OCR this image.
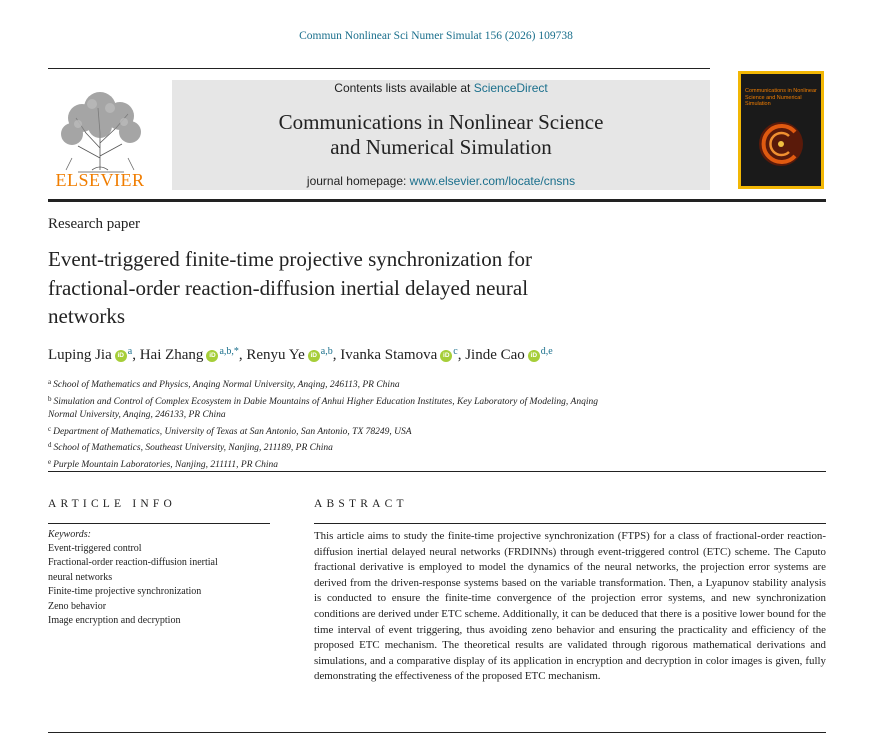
Commun Nonlinear Sci Numer Simulat 156 (2026) 109738
ELSEVIER
Contents lists available at ScienceDirect
Communications in Nonlinear Science
and Numerical Simulation
journal homepage: www.elsevier.com/locate/cnsns
Communications in Nonlinear Science and Numerical Simulation
Research paper
Event-triggered finite-time projective synchronization for
fractional-order reaction-diffusion inertial delayed neural
networks
Luping Jia iD $^a$, Hai Zhang iD $^{a,b,*}$, Renyu Ye iD $^{a,b}$, Ivanka Stamova iD $^c$, Jinde Cao iD $^{d,e}$
$^a$ School of Mathematics and Physics, Anqing Normal University, Anqing, 246113, PR China
$^b$ Simulation and Control of Complex Ecosystem in Dabie Mountains of Anhui Higher Education Institutes, Key Laboratory of Modeling, Anqing
Normal University, Anqing, 246133, PR China
$^c$ Department of Mathematics, University of Texas at San Antonio, San Antonio, TX 78249, USA
$^d$ School of Mathematics, Southeast University, Nanjing, 211189, PR China
$^e$ Purple Mountain Laboratories, Nanjing, 211111, PR China
ARTICLE INFO	ABSTRACT
Keywords:
Event-triggered control
Fractional-order reaction-diffusion inertial
neural networks
Finite-time projective synchronization
Zeno behavior
Image encryption and decryption

This article aims to study the finite-time projective synchronization (FTPS) for a class of fractional-order reaction-diffusion inertial delayed neural networks (FRDINNs) through event-triggered control (ETC) scheme. The Caputo fractional derivative is employed to model the dynamics of the neural networks, the projection error systems are derived from the driven-response systems based on the variable transformation. Then, a Lyapunov stability analysis is conducted to ensure the finite-time convergence of the projection error systems, and new synchronization conditions are derived under ETC scheme. Additionally, it can be deduced that there is a positive lower bound for the time interval of event triggering, thus avoiding zeno behavior and ensuring the practicality and efficiency of the proposed ETC mechanism. The theoretical results are validated through rigorous mathematical derivations and simulations, and a comparative display of its application in encryption and decryption in color images is given, fully demonstrating the effectiveness of the proposed ETC mechanism.
